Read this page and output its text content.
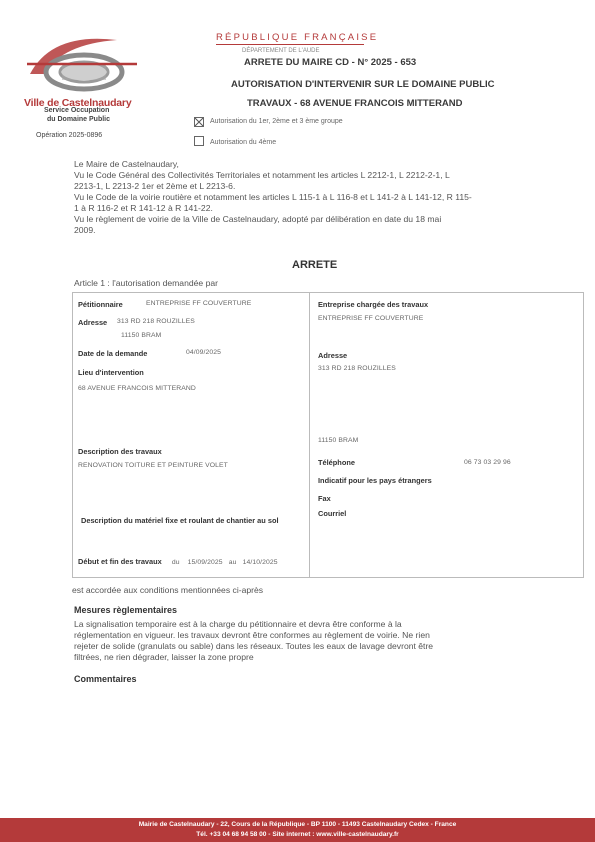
Ville de Castelnaudary
Service Occupation
du Domaine Public
Opération 2025-0896
RÉPUBLIQUE FRANÇAISE
DÉPARTEMENT DE L'AUDE
ARRETE DU MAIRE CD - N° 2025 - 653
AUTORISATION D'INTERVENIR SUR LE DOMAINE PUBLIC
TRAVAUX - 68 AVENUE FRANCOIS MITTERAND
Autorisation du 1er, 2ème et 3 ème groupe
Autorisation du 4ème
Le Maire de Castelnaudary,
Vu le Code Général des Collectivités Territoriales et notamment les articles L 2212-1, L 2212-2-1, L
2213-1, L 2213-2 1er et 2ème et L 2213-6.
Vu le Code de la voirie routière et notamment les articles L 115-1 à L 116-8 et L 141-2 à L 141-12, R 115-
1 à R 116-2 et R 141-12 à R 141-22.
Vu le règlement de voirie de la Ville de Castelnaudary, adopté par délibération en date du 18 mai
2009.
ARRETE
Article 1 : l'autorisation demandée par
Pétitionnaire	ENTREPRISE FF COUVERTURE
Adresse 313 RD 218 ROUZILLES
11150 BRAM
Date de la demande	04/09/2025
Lieu d'intervention
68 AVENUE FRANCOIS MITTERAND
Description des travaux
RENOVATION TOITURE ET PEINTURE VOLET
Description du matériel fixe et roulant de chantier au sol
Début et fin des travaux du 15/09/2025 au 14/10/2025
Entreprise chargée des travaux
ENTREPRISE FF COUVERTURE
Adresse
313 RD 218 ROUZILLES
11150 BRAM
Téléphone	06 73 03 29 96
Indicatif pour les pays étrangers
Fax
Courriel
est accordée aux conditions mentionnées ci-après
Mesures règlementaires
La signalisation temporaire est à la charge du pétitionnaire et devra être conforme à la
réglementation en vigueur. les travaux devront être conformes au règlement de voirie. Ne rien
rejeter de solide (granulats ou sable) dans les réseaux. Toutes les eaux de lavage devront être
filtrées, ne rien dégrader, laisser la zone propre
Commentaires
Mairie de Castelnaudary - 22, Cours de la République - BP 1100 - 11493 Castelnaudary Cedex - France
Tél. +33 04 68 94 58 00 - Site internet : www.ville-castelnaudary.fr
